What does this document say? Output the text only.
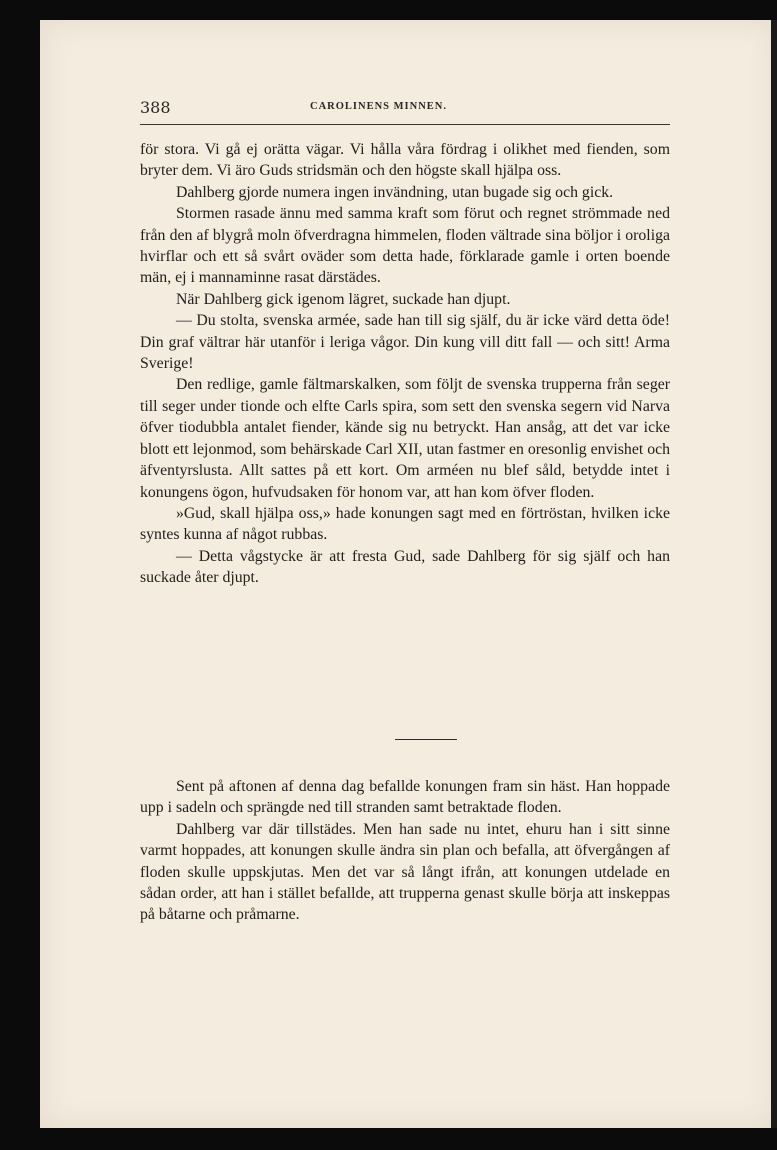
388	CAROLINENS MINNEN.

för stora. Vi gå ej orätta vägar. Vi hålla våra fördrag i olikhet med fienden, som bryter dem. Vi äro Guds stridsmän och den högste skall hjälpa oss.

Dahlberg gjorde numera ingen invändning, utan bugade sig och gick.

Stormen rasade ännu med samma kraft som förut och regnet strömmade ned från den af blygrå moln öfverdragna himmelen, floden vältrade sina böljor i oroliga hvirflar och ett så svårt oväder som detta hade, förklarade gamle i orten boende män, ej i mannaminne rasat därstädes.

När Dahlberg gick igenom lägret, suckade han djupt.

— Du stolta, svenska armée, sade han till sig själf, du är icke värd detta öde! Din graf vältrar här utanför i leriga vågor. Din kung vill ditt fall — och sitt! Arma Sverige!

Den redlige, gamle fältmarskalken, som följt de svenska trupperna från seger till seger under tionde och elfte Carls spira, som sett den svenska segern vid Narva öfver tiodubbla antalet fiender, kände sig nu betryckt. Han ansåg, att det var icke blott ett lejonmod, som behärskade Carl XII, utan fastmer en oresonlig envishet och äfventyrslusta. Allt sattes på ett kort. Om arméen nu blef såld, betydde intet i konungens ögon, hufvudsaken för honom var, att han kom öfver floden.

»Gud, skall hjälpa oss,» hade konungen sagt med en förtröstan, hvilken icke syntes kunna af något rubbas.

— Detta vågstycke är att fresta Gud, sade Dahlberg för sig själf och han suckade åter djupt.

Sent på aftonen af denna dag befallde konungen fram sin häst. Han hoppade upp i sadeln och sprängde ned till stranden samt betraktade floden.

Dahlberg var där tillstädes. Men han sade nu intet, ehuru han i sitt sinne varmt hoppades, att konungen skulle ändra sin plan och befalla, att öfvergången af floden skulle uppskjutas. Men det var så långt ifrån, att konungen utdelade en sådan order, att han i stället befallde, att trupperna genast skulle börja att inskeppas på båtarne och pråmarne.
